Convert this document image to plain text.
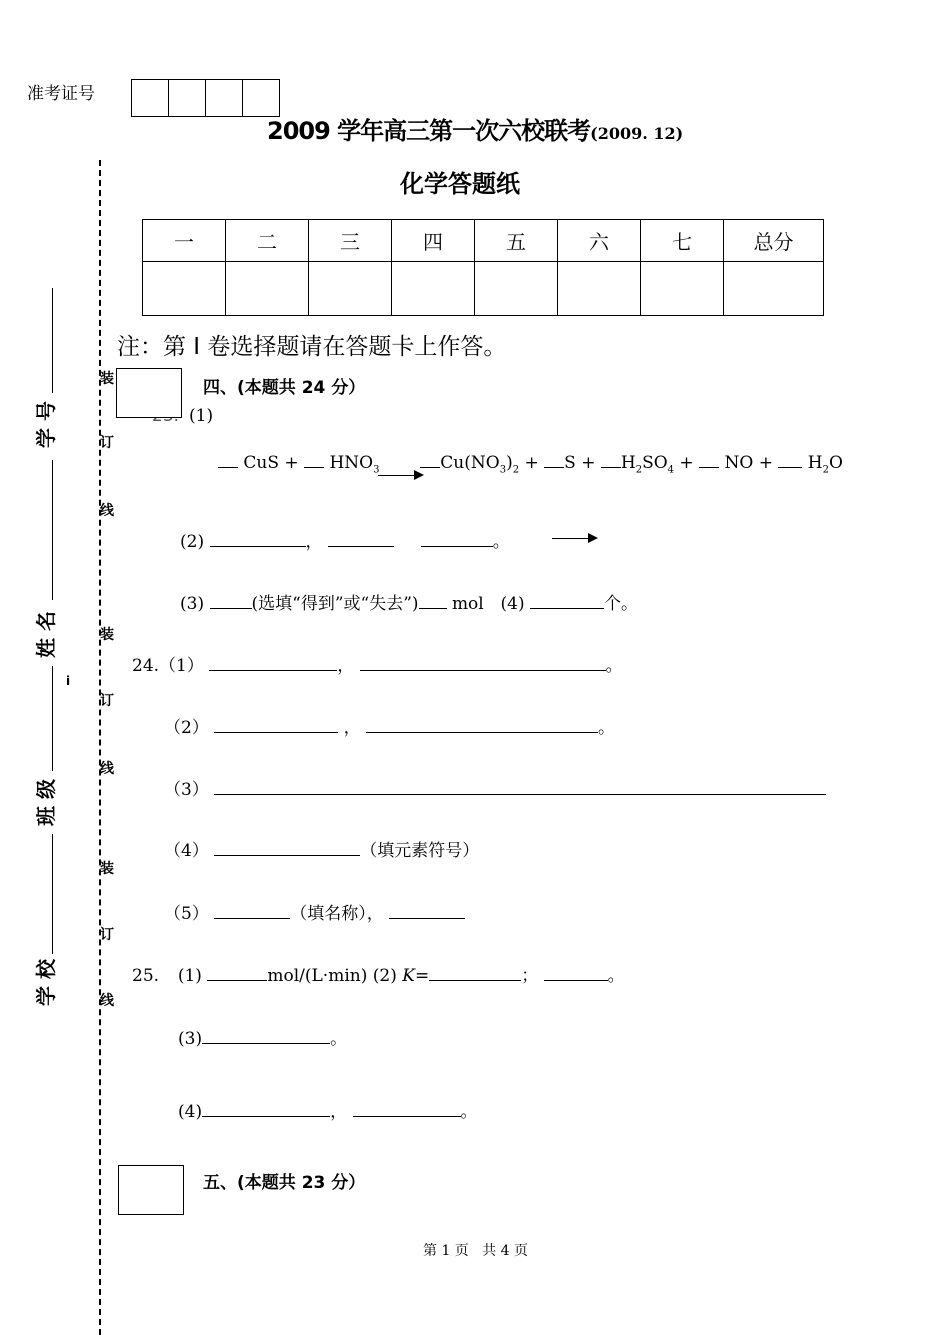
准考证号
2009 学年高三第一次六校联考(2009. 12)
化学答题纸
一	二	三	四	五	六	七	总分

注：第 I 卷选择题请在答题卡上作答。
装
订
线
装
订
线
装
订
线
i
学 号
姓 名
班 级
学 校
四、(本题共 24 分）
(1)
CuS +  $HNO_3$	$Cu(NO_3)_2 + S + H_2SO_4$ +  NO +  $H_2O$
(2)	，	。
(3)	(选填“得到”或“失去”) mol (4)	个。
24.（1）	，	。
（2）	，	。
（3）
（4）	（填元素符号）
（5）	（填名称），
25. (1)	mol/(L·min) (2) K=	；	。
(3)	。
(4)	，	。
五、(本题共 23 分）
第 1 页   共 4 页
